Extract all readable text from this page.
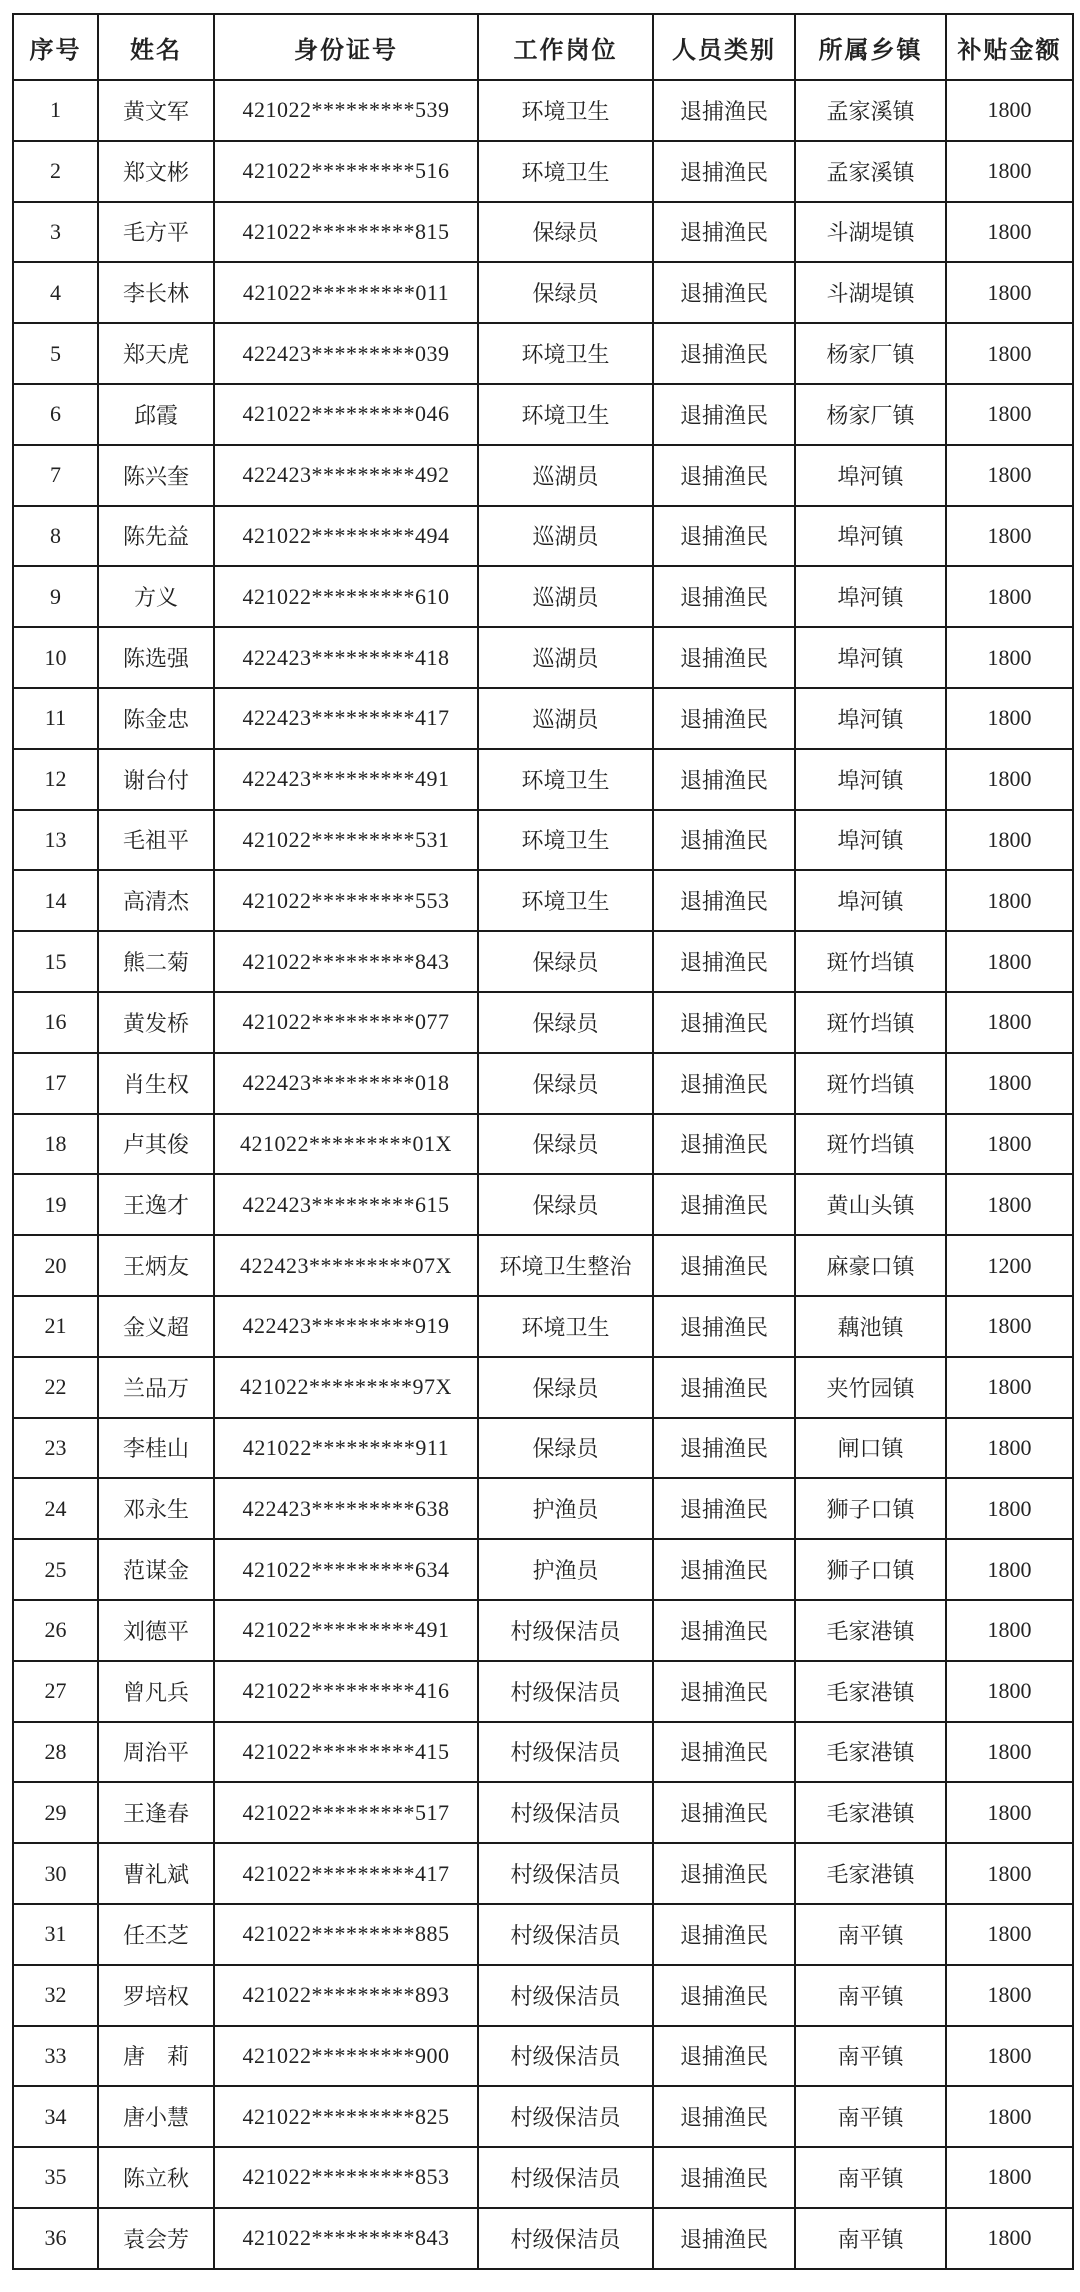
序号	姓名	身份证号	工作岗位	人员类别	所属乡镇	补贴金额
1	黄文军	421022*********539	环境卫生	退捕渔民	孟家溪镇	1800
2	郑文彬	421022*********516	环境卫生	退捕渔民	孟家溪镇	1800
3	毛方平	421022*********815	保绿员	退捕渔民	斗湖堤镇	1800
4	李长林	421022*********011	保绿员	退捕渔民	斗湖堤镇	1800
5	郑天虎	422423*********039	环境卫生	退捕渔民	杨家厂镇	1800
6	邱霞	421022*********046	环境卫生	退捕渔民	杨家厂镇	1800
7	陈兴奎	422423*********492	巡湖员	退捕渔民	埠河镇	1800
8	陈先益	421022*********494	巡湖员	退捕渔民	埠河镇	1800
9	方义	421022*********610	巡湖员	退捕渔民	埠河镇	1800
10	陈选强	422423*********418	巡湖员	退捕渔民	埠河镇	1800
11	陈金忠	422423*********417	巡湖员	退捕渔民	埠河镇	1800
12	谢台付	422423*********491	环境卫生	退捕渔民	埠河镇	1800
13	毛祖平	421022*********531	环境卫生	退捕渔民	埠河镇	1800
14	高清杰	421022*********553	环境卫生	退捕渔民	埠河镇	1800
15	熊二菊	421022*********843	保绿员	退捕渔民	斑竹垱镇	1800
16	黄发桥	421022*********077	保绿员	退捕渔民	斑竹垱镇	1800
17	肖生权	422423*********018	保绿员	退捕渔民	斑竹垱镇	1800
18	卢其俊	421022*********01X	保绿员	退捕渔民	斑竹垱镇	1800
19	王逸才	422423*********615	保绿员	退捕渔民	黄山头镇	1800
20	王炳友	422423*********07X	环境卫生整治	退捕渔民	麻豪口镇	1200
21	金义超	422423*********919	环境卫生	退捕渔民	藕池镇	1800
22	兰品万	421022*********97X	保绿员	退捕渔民	夹竹园镇	1800
23	李桂山	421022*********911	保绿员	退捕渔民	闸口镇	1800
24	邓永生	422423*********638	护渔员	退捕渔民	狮子口镇	1800
25	范谋金	421022*********634	护渔员	退捕渔民	狮子口镇	1800
26	刘德平	421022*********491	村级保洁员	退捕渔民	毛家港镇	1800
27	曾凡兵	421022*********416	村级保洁员	退捕渔民	毛家港镇	1800
28	周治平	421022*********415	村级保洁员	退捕渔民	毛家港镇	1800
29	王逢春	421022*********517	村级保洁员	退捕渔民	毛家港镇	1800
30	曹礼斌	421022*********417	村级保洁员	退捕渔民	毛家港镇	1800
31	任丕芝	421022*********885	村级保洁员	退捕渔民	南平镇	1800
32	罗培权	421022*********893	村级保洁员	退捕渔民	南平镇	1800
33	唐　莉	421022*********900	村级保洁员	退捕渔民	南平镇	1800
34	唐小慧	421022*********825	村级保洁员	退捕渔民	南平镇	1800
35	陈立秋	421022*********853	村级保洁员	退捕渔民	南平镇	1800
36	袁会芳	421022*********843	村级保洁员	退捕渔民	南平镇	1800
